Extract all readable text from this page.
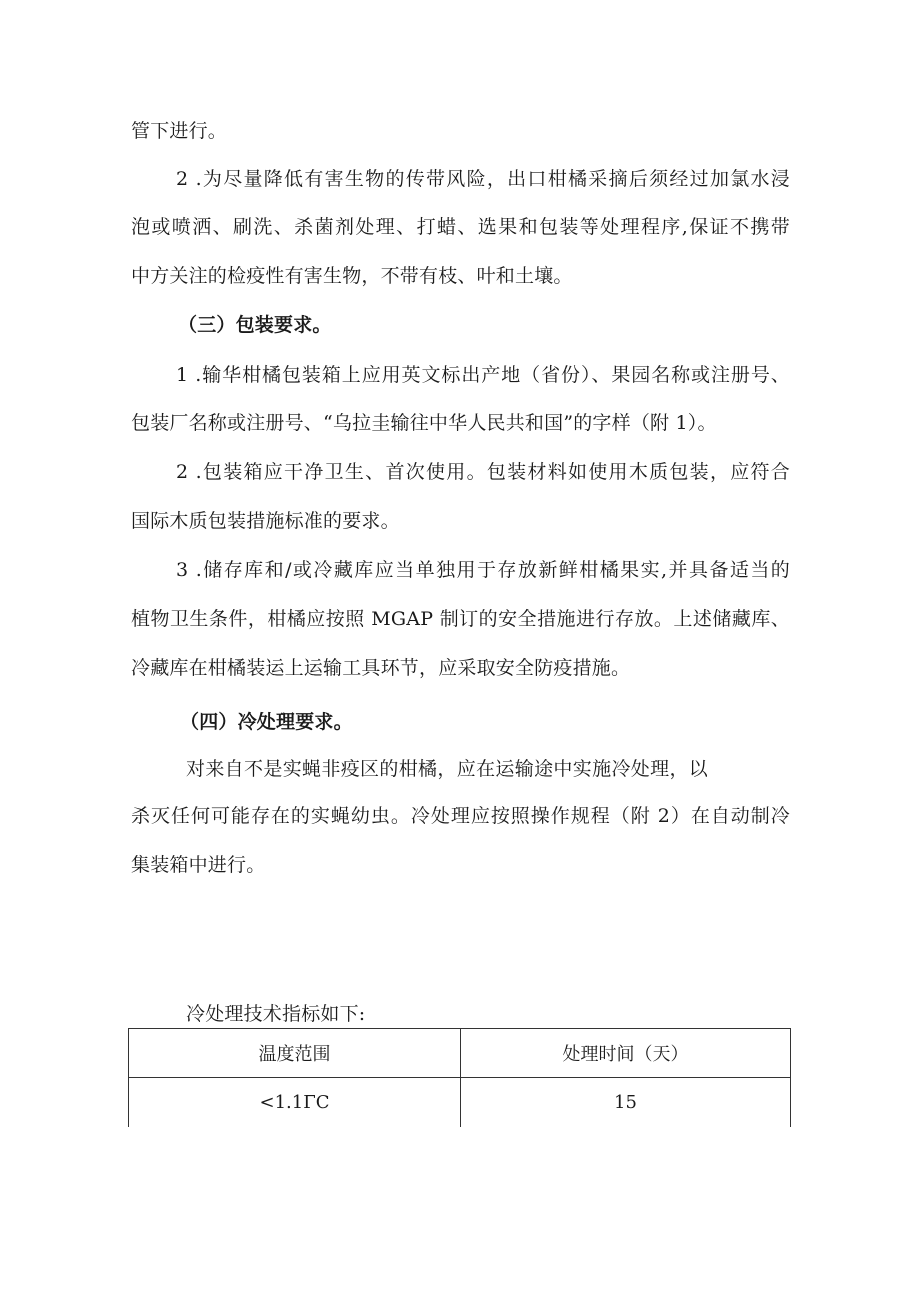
管下进行。

2 .为尽量降低有害生物的传带风险，出口柑橘采摘后须经过加氯水浸

泡或喷洒、刷洗、杀菌剂处理、打蜡、选果和包装等处理程序,保证不携带

中方关注的检疫性有害生物，不带有枝、叶和土壤。

（三）包装要求。

1 .输华柑橘包装箱上应用英文标出产地（省份）、果园名称或注册号、

包装厂名称或注册号、“乌拉圭输往中华人民共和国”的字样（附 1）。

2 .包装箱应干净卫生、首次使用。包装材料如使用木质包装，应符合

国际木质包装措施标准的要求。

3 .储存库和/或冷藏库应当单独用于存放新鲜柑橘果实,并具备适当的

植物卫生条件，柑橘应按照 MGAP 制订的安全措施进行存放。上述储藏库、

冷藏库在柑橘装运上运输工具环节，应采取安全防疫措施。

（四）冷处理要求。

对来自不是实蝇非疫区的柑橘，应在运输途中实施冷处理，以

杀灭任何可能存在的实蝇幼虫。冷处理应按照操作规程（附 2）在自动制冷

集装箱中进行。

冷处理技术指标如下:

温度范围	处理时间（天）
<1.1ΓC	15
